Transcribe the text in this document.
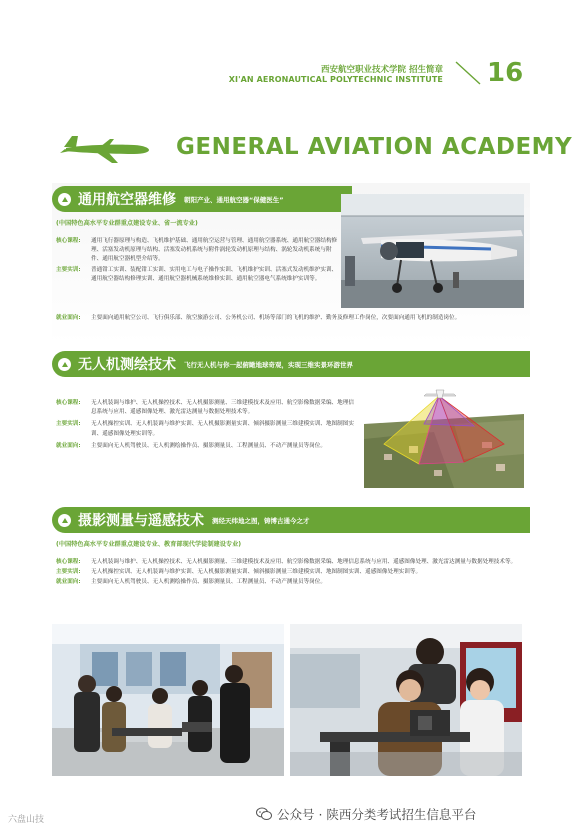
西安航空职业技术学院 招生简章
XI'AN AERONAUTICAL POLYTECHNIC INSTITUTE 16
GENERAL AVIATION ACADEMY
通用航空器维修 朝阳产业、通用航空器“保健医生”
(中国特色高水平专业群重点建设专业、省一流专业)
核心课程:	通用飞行器原理与构造、飞机维护基础、通用航空运营与管理、通用航空器系统、通用航空器结构修理、活塞发动机原理与结构、活塞发动机系统与附件涡轮发动机原理与结构、涡轮发动机系统与附件、通用航空器机型介绍等。
主要实训:	普通钳工实训、装配钳工实训、实用电工与电子操作实训、飞机维护实训、活塞式发动机维护实训、通用航空器结构修理实训、通用航空器机械系统维修实训、通用航空器电气系统维护实训等。
就业面向:	主要面向通用航空公司、飞行俱乐部、航空旅游公司、公务机公司、机场等部门的飞机的维护、勤务及修理工作岗位，次要面向通用飞机的制造岗位。
无人机测绘技术 飞行无人机与你一起俯瞰地球奇观，实现三维实景环游世界
核心课程:	无人机装调与维护、无人机操控技术、无人机摄影测量、三维建模技术及应用、航空影像数据采编、地理信息系统与应用、遥感图像处理、激光雷达测量与数据处理技术等。
主要实训:	无人机操控实训、无人机装调与维护实训、无人机摄影测量实训、倾斜摄影测量三维建模实训、地图制图实训、遥感图像处理实训等。
就业面向:	主要面向无人机驾驶员、无人机测绘操作员、摄影测量员、工程测量员、不动产测量员等岗位。
摄影测量与遥感技术 测经天纬地之图，铸博古通今之才
(中国特色高水平专业群重点建设专业、教育部现代学徒制建设专业)
核心课程:	无人机装调与维护、无人机操控技术、无人机摄影测量、三维建模技术及应用、航空影像数据采编、地理信息系统与应用、遥感图像处理、激光雷达测量与数据处理技术等。
主要实训:	无人机操控实训、无人机装调与维护实训、无人机摄影测量实训、倾斜摄影测量三维建模实训、地图制图实训、遥感图像处理实训等。
就业面向:	主要面向无人机驾驶员、无人机测绘操作员、摄影测量员、工程测量员、不动产测量员等岗位。
公众号 · 陕西分类考试招生信息平台
六盘山技
